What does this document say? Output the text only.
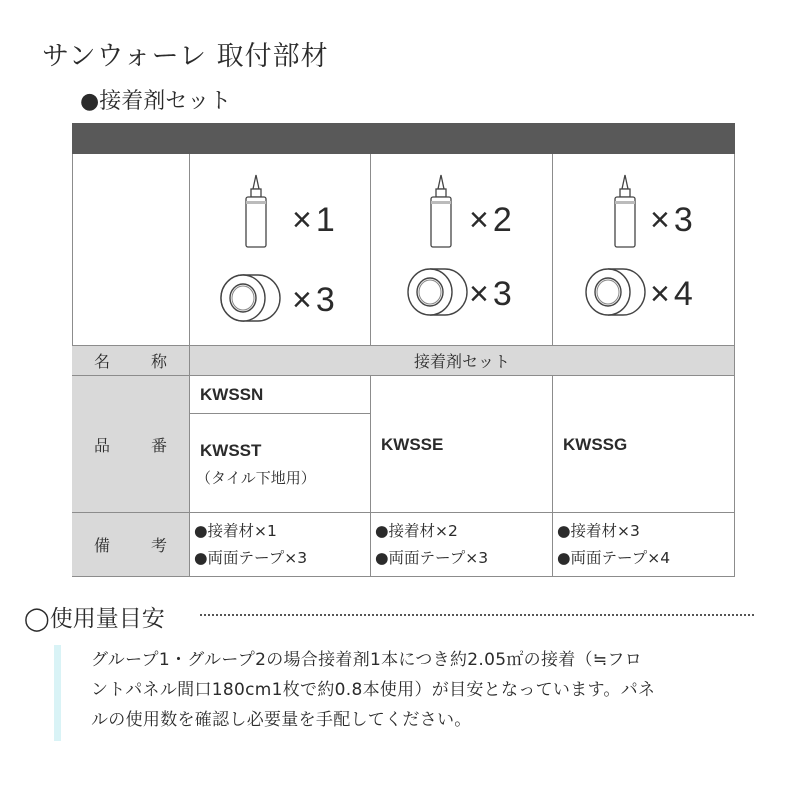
サンウォーレ 取付部材
●接着剤セット
×1
×3
×2
×3
×3
×4
名 称	接着剤セット
品 番
KWSSN
KWSST
（タイル下地用）
KWSSE	KWSSG
備 考
●接着材×1
●両面テープ×3
●接着材×2
●両面テープ×3
●接着材×3
●両面テープ×4
◯使用量目安
グループ1・グループ2の場合接着剤1本につき約2.05㎡の接着（≒フロ
ントパネル間口180cm1枚で約0.8本使用）が目安となっています。パネ
ルの使用数を確認し必要量を手配してください。
